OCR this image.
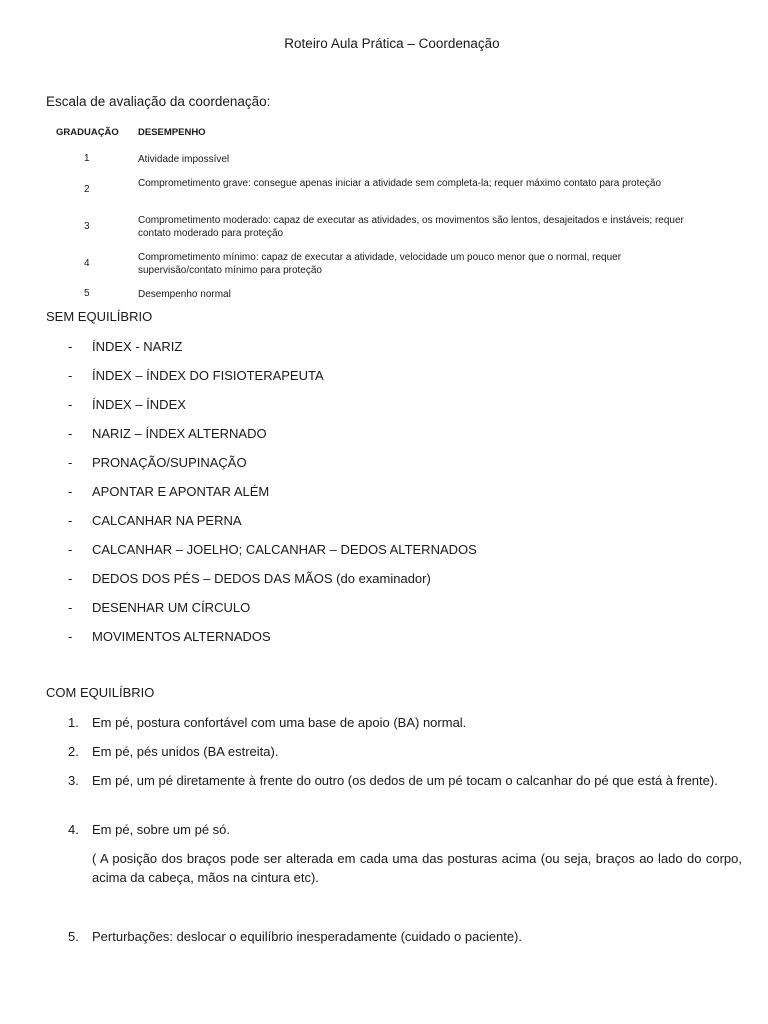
Roteiro Aula Prática – Coordenação
Escala de avaliação da coordenação:
GRADUAÇÃO DESEMPENHO
1	Atividade impossível
2
Comprometimento grave: consegue apenas iniciar a atividade sem completa-la; requer máximo contato para proteção
3
Comprometimento moderado: capaz de executar as atividades, os movimentos são lentos, desajeitados e instáveis; requer contato moderado para proteção
4
Comprometimento mínimo: capaz de executar a atividade, velocidade um pouco menor que o normal, requer supervisão/contato mínimo para proteção
5	Desempenho normal
SEM EQUILÍBRIO
- ÍNDEX - NARIZ
- ÍNDEX – ÍNDEX DO FISIOTERAPEUTA
- ÍNDEX – ÍNDEX
- NARIZ – ÍNDEX ALTERNADO
- PRONAÇÃO/SUPINAÇÃO
- APONTAR E APONTAR ALÉM
- CALCANHAR NA PERNA
- CALCANHAR – JOELHO; CALCANHAR – DEDOS ALTERNADOS
- DEDOS DOS PÉS – DEDOS DAS MÃOS (do examinador)
- DESENHAR UM CÍRCULO
- MOVIMENTOS ALTERNADOS
COM EQUILÍBRIO
1. Em pé, postura confortável com uma base de apoio (BA) normal.
2. Em pé, pés unidos (BA estreita).
3. Em pé, um pé diretamente à frente do outro (os dedos de um pé tocam o calcanhar do pé que está à frente).
4. Em pé, sobre um pé só.
( A posição dos braços pode ser alterada em cada uma das posturas acima (ou seja, braços ao lado do corpo, acima da cabeça, mãos na cintura etc).
5. Perturbações: deslocar o equilíbrio inesperadamente (cuidado o paciente).
